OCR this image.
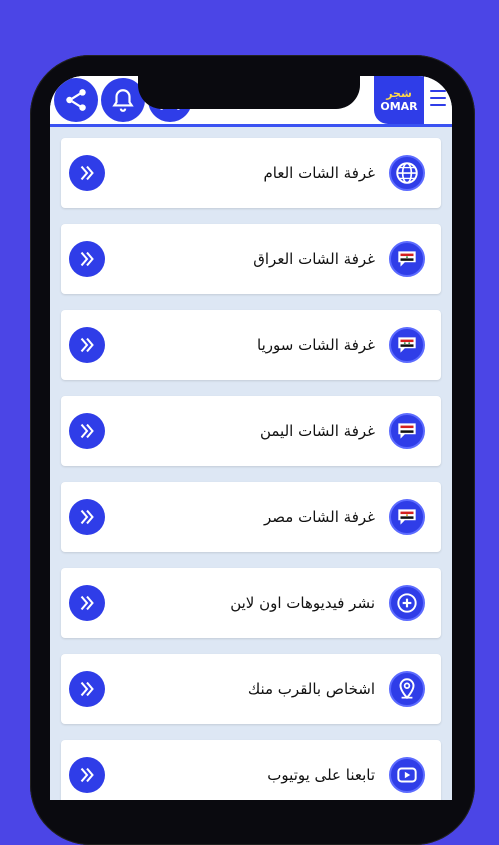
شجر
OMAR
غرفة الشات العام
غرفة الشات العراق
غرفة الشات سوريا
غرفة الشات اليمن
غرفة الشات مصر
نشر فيديوهات اون لاين
اشخاص بالقرب منك
تابعنا على يوتيوب
